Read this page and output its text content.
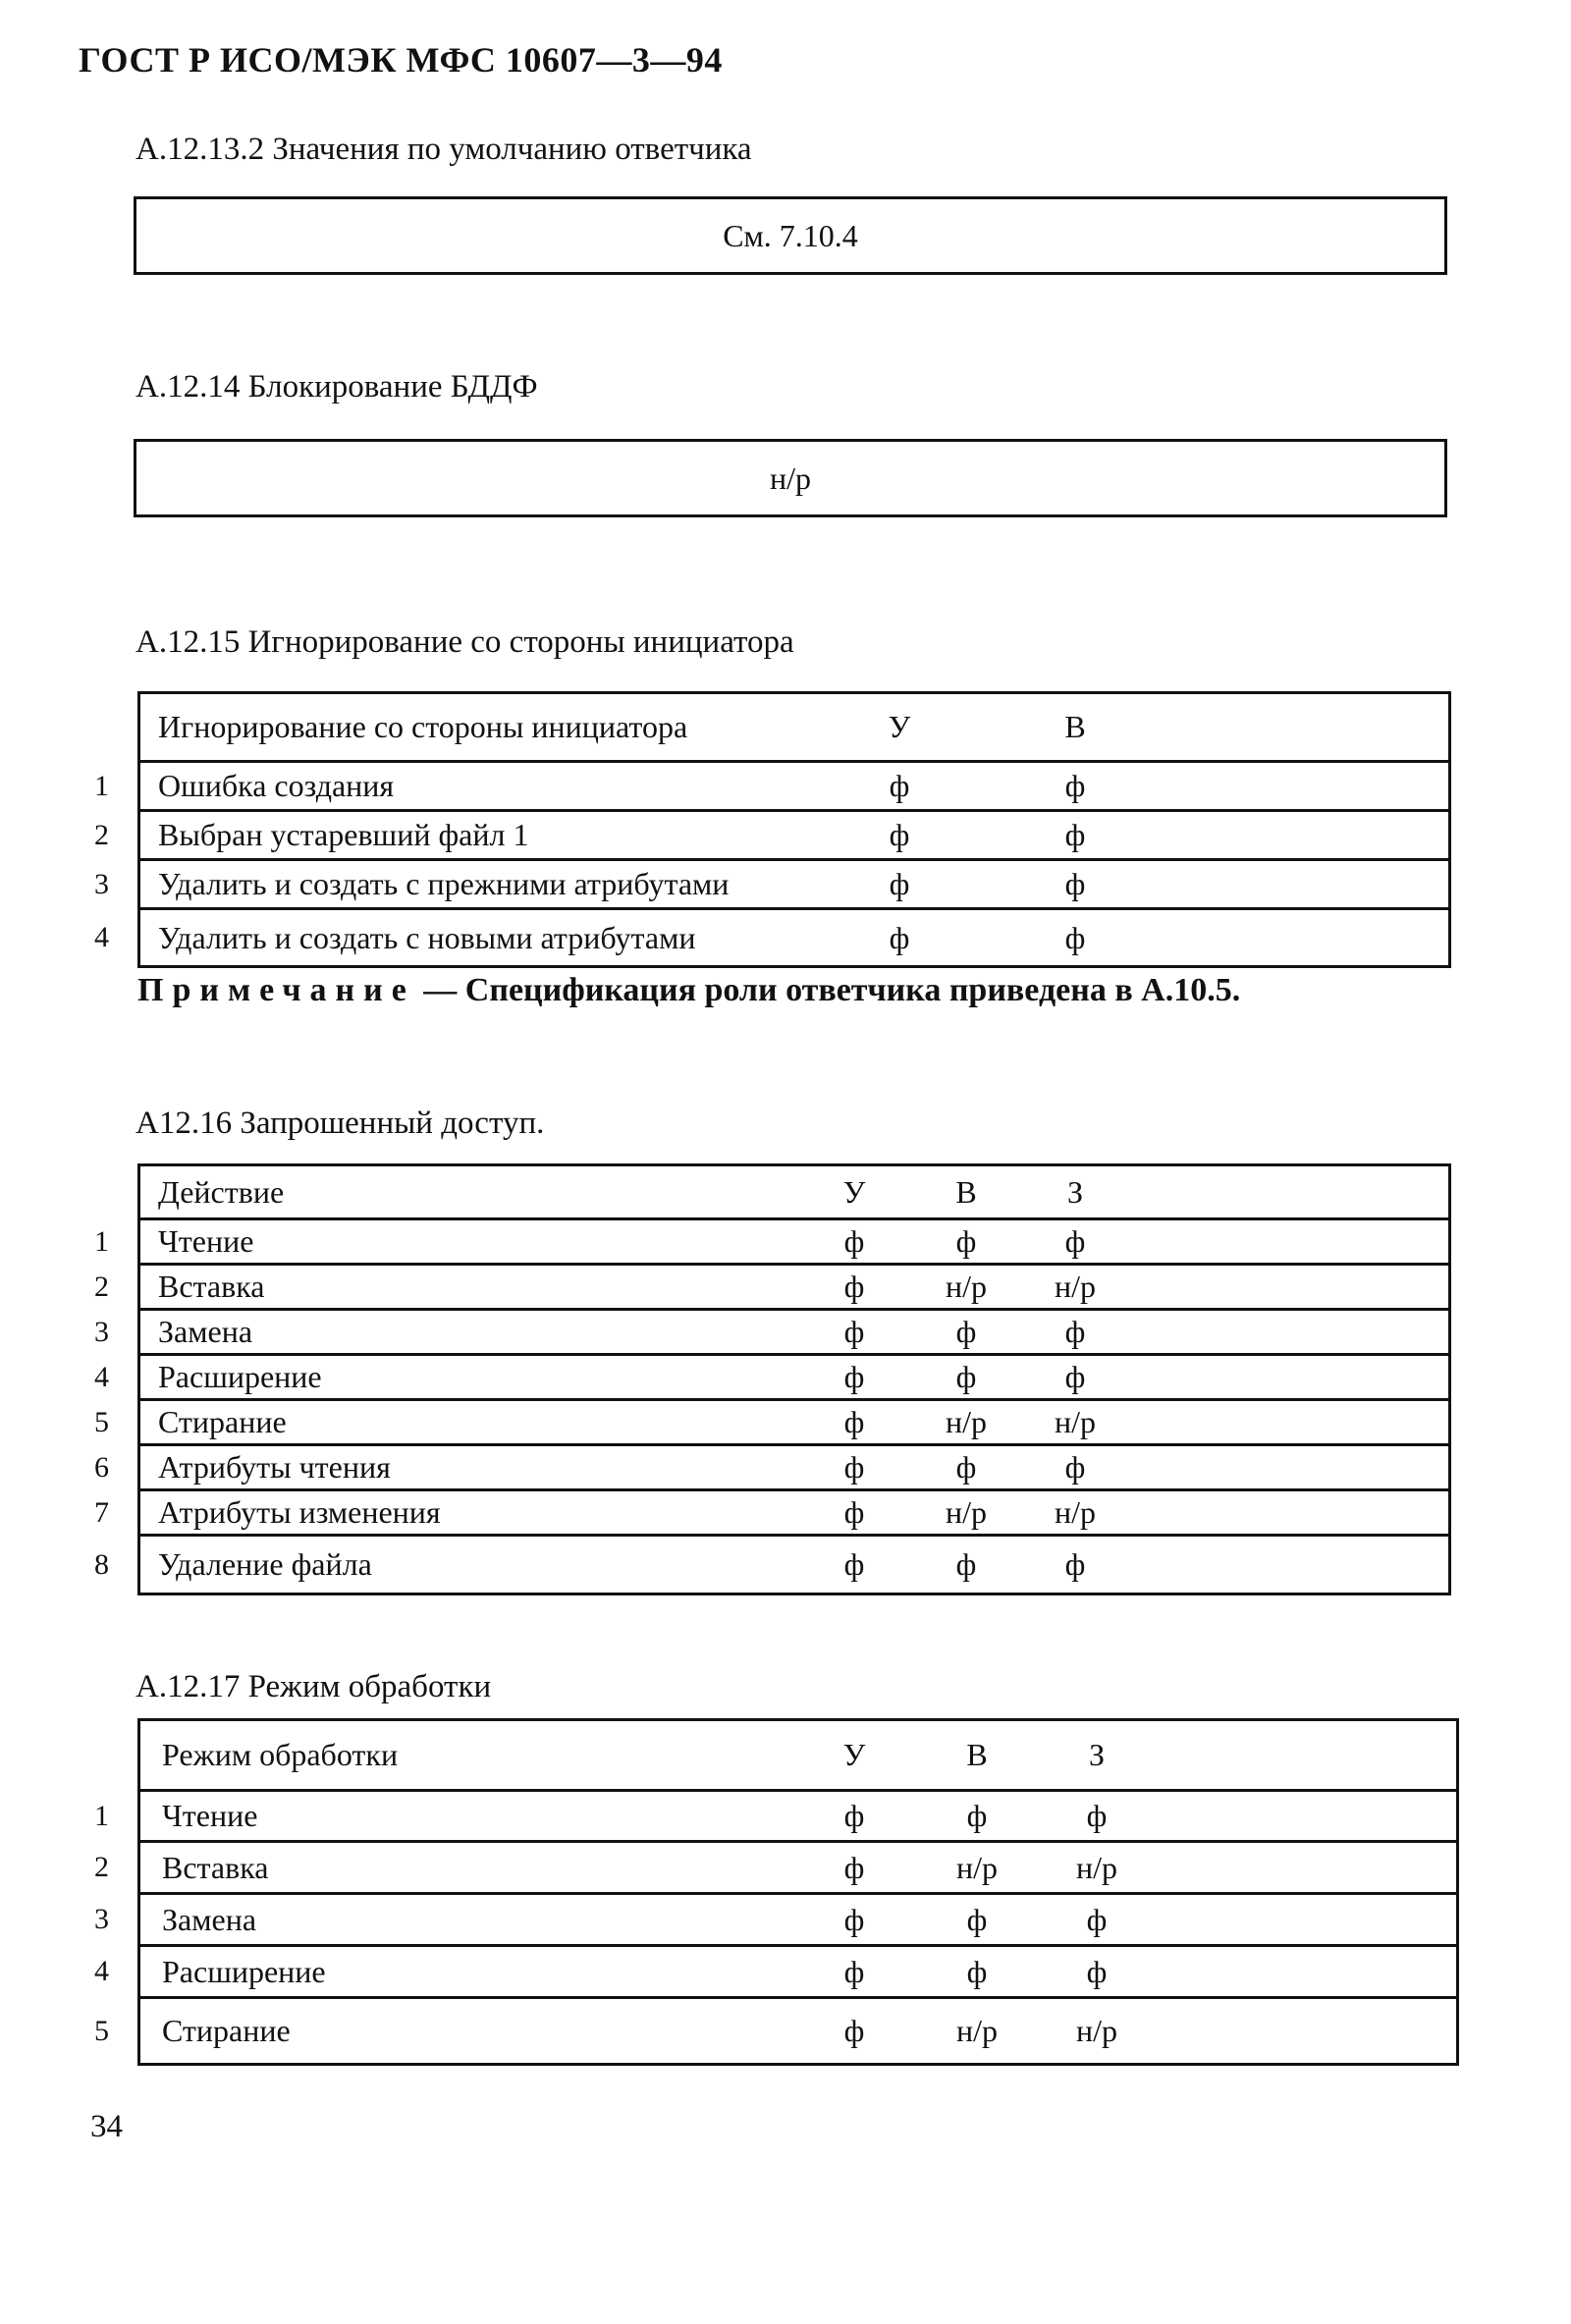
ГОСТ Р ИСО/МЭК МФС 10607—3—94
А.12.13.2 Значения по умолчанию ответчика
См. 7.10.4
А.12.14 Блокирование БДДФ
н/р
А.12.15 Игнорирование со стороны инициатора
Игнорирование со стороны инициатора	У	В
1 Ошибка создания	ф	ф
2 Выбран устаревший файл 1	ф	ф
3 Удалить и создать с прежними атрибутами	ф	ф
4 Удалить и создать с новыми атрибутами	ф	ф
Примечание — Спецификация роли ответчика приведена в А.10.5.
А12.16 Запрошенный доступ.
Действие	У	В	З
1 Чтение	ф	ф	ф
2 Вставка	ф	н/р	н/р
3 Замена	ф	ф	ф
4 Расширение	ф	ф	ф
5 Стирание	ф	н/р	н/р
6 Атрибуты чтения	ф	ф	ф
7 Атрибуты изменения	ф	н/р	н/р
8 Удаление файла	ф	ф	ф
А.12.17 Режим обработки
Режим обработки	У	В	З
1 Чтение	ф	ф	ф
2 Вставка	ф	н/р	н/р
3 Замена	ф	ф	ф
4 Расширение	ф	ф	ф
5 Стирание	ф	н/р	н/р
34
